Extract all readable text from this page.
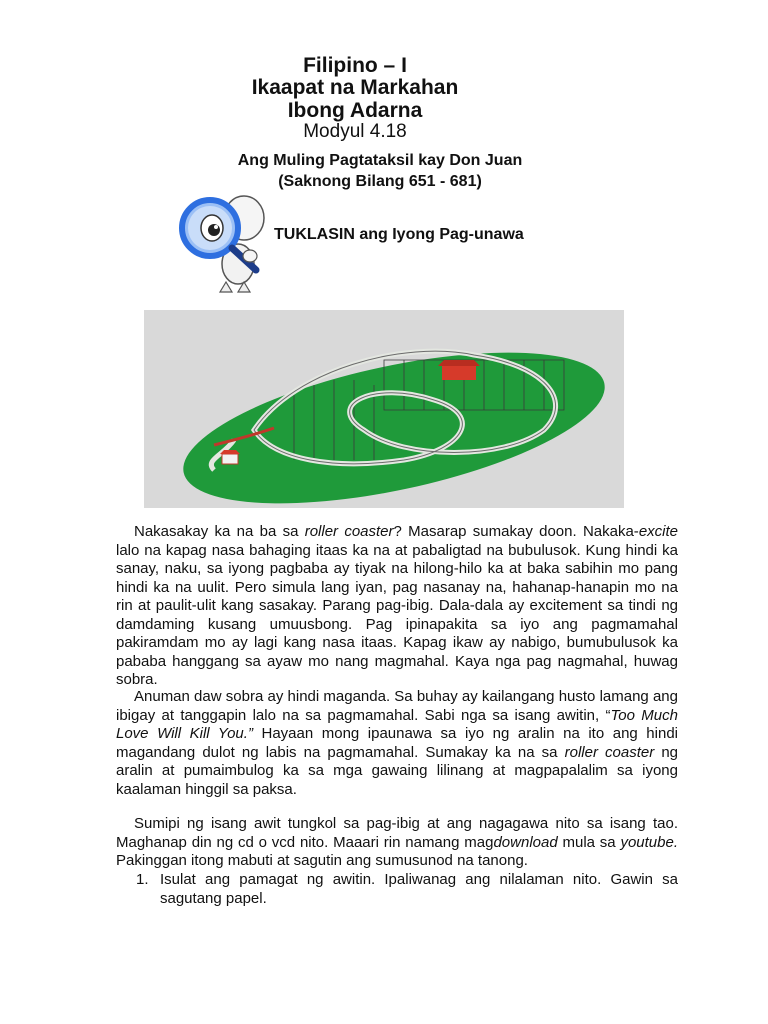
Filipino – I
Ikaapat na Markahan
Ibong Adarna
Modyul 4.18
Ang Muling Pagtataksil kay Don Juan
(Saknong Bilang 651 - 681)
TUKLASIN ang Iyong Pag-unawa

Nakasakay ka na ba sa roller coaster? Masarap sumakay doon. Nakaka-excite lalo na kapag nasa bahaging itaas ka na at pabaligtad na bubulusok. Kung hindi ka sanay, naku, sa iyong pagbaba ay tiyak na hilong-hilo ka at baka sabihin mo pang hindi ka na uulit. Pero simula lang iyan, pag nasanay na, hahanap-hanapin mo na rin at paulit-ulit kang sasakay. Parang pag-ibig. Dala-dala ay excitement sa tindi ng damdaming kusang umuusbong. Pag ipinapakita sa iyo ang pagmamahal pakiramdam mo ay lagi kang nasa itaas. Kapag ikaw ay nabigo, bumubulusok ka pababa hanggang sa ayaw mo nang magmahal. Kaya nga pag nagmahal, huwag sobra.

Anuman daw sobra ay hindi maganda. Sa buhay ay kailangang husto lamang ang ibigay at tanggapin lalo na sa pagmamahal. Sabi nga sa isang awitin, “Too Much Love Will Kill You.” Hayaan mong ipaunawa sa iyo ng aralin na ito ang hindi magandang dulot ng labis na pagmamahal. Sumakay ka na sa roller coaster ng aralin at pumaimbulog ka sa mga gawaing lilinang at magpapalalim sa iyong kaalaman hinggil sa paksa.

Sumipi ng isang awit tungkol sa pag-ibig at ang nagagawa nito sa isang tao. Maghanap din ng cd o vcd nito. Maaari rin namang magdownload mula sa youtube. Pakinggan itong mabuti at sagutin ang sumusunod na tanong.

1. Isulat ang pamagat ng awitin. Ipaliwanag ang nilalaman nito. Gawin sa sagutang papel.
